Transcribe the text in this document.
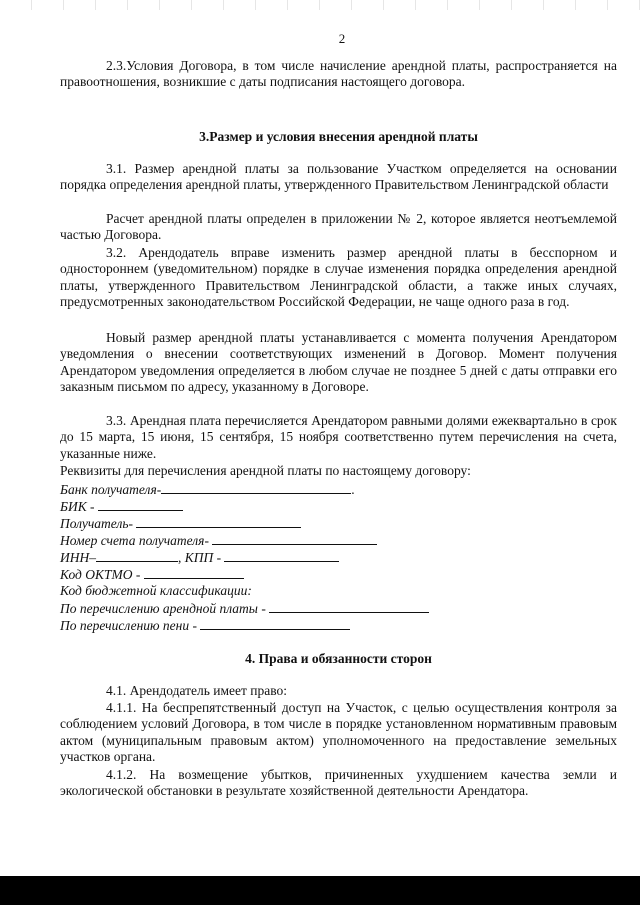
2

2.3.Условия Договора, в том числе начисление арендной платы, распространяется на правоотношения, возникшие с даты подписания настоящего договора.

3.Размер и условия внесения арендной платы

3.1. Размер арендной платы за пользование Участком определяется на основании порядка определения арендной платы, утвержденного Правительством Ленинградской области

Расчет арендной платы определен в приложении № 2, которое является неотъемлемой частью Договора.

3.2. Арендодатель вправе изменить размер арендной платы в бесспорном и одностороннем (уведомительном) порядке в случае изменения порядка определения арендной платы, утвержденного Правительством Ленинградской области, а также иных случаях, предусмотренных законодательством Российской Федерации, не чаще одного раза в год.

Новый размер арендной платы устанавливается с момента получения Арендатором уведомления о внесении соответствующих изменений в Договор. Момент получения Арендатором уведомления определяется в любом случае не позднее 5 дней с даты отправки его заказным письмом по адресу, указанному в Договоре.

3.3. Арендная плата перечисляется Арендатором равными долями ежеквартально в срок до 15 марта, 15 июня, 15 сентября, 15 ноября соответственно путем перечисления на счета, указанные ниже.

Реквизиты для перечисления арендной платы по настоящему договору:

Банк получателя-	.
БИК -
Получатель-
Номер счета получателя-
ИНН–	, КПП -
Код ОКТМО -
Код бюджетной классификации:
По перечислению арендной платы -
По перечислению пени -
4. Права и обязанности сторон

4.1. Арендодатель имеет право:

4.1.1. На беспрепятственный доступ на Участок, с целью осуществления контроля за соблюдением условий Договора, в том числе в порядке установленном нормативным правовым актом (муниципальным правовым актом) уполномоченного на предоставление земельных участков органа.

4.1.2. На возмещение убытков, причиненных ухудшением качества земли и экологической обстановки в результате хозяйственной деятельности Арендатора.
